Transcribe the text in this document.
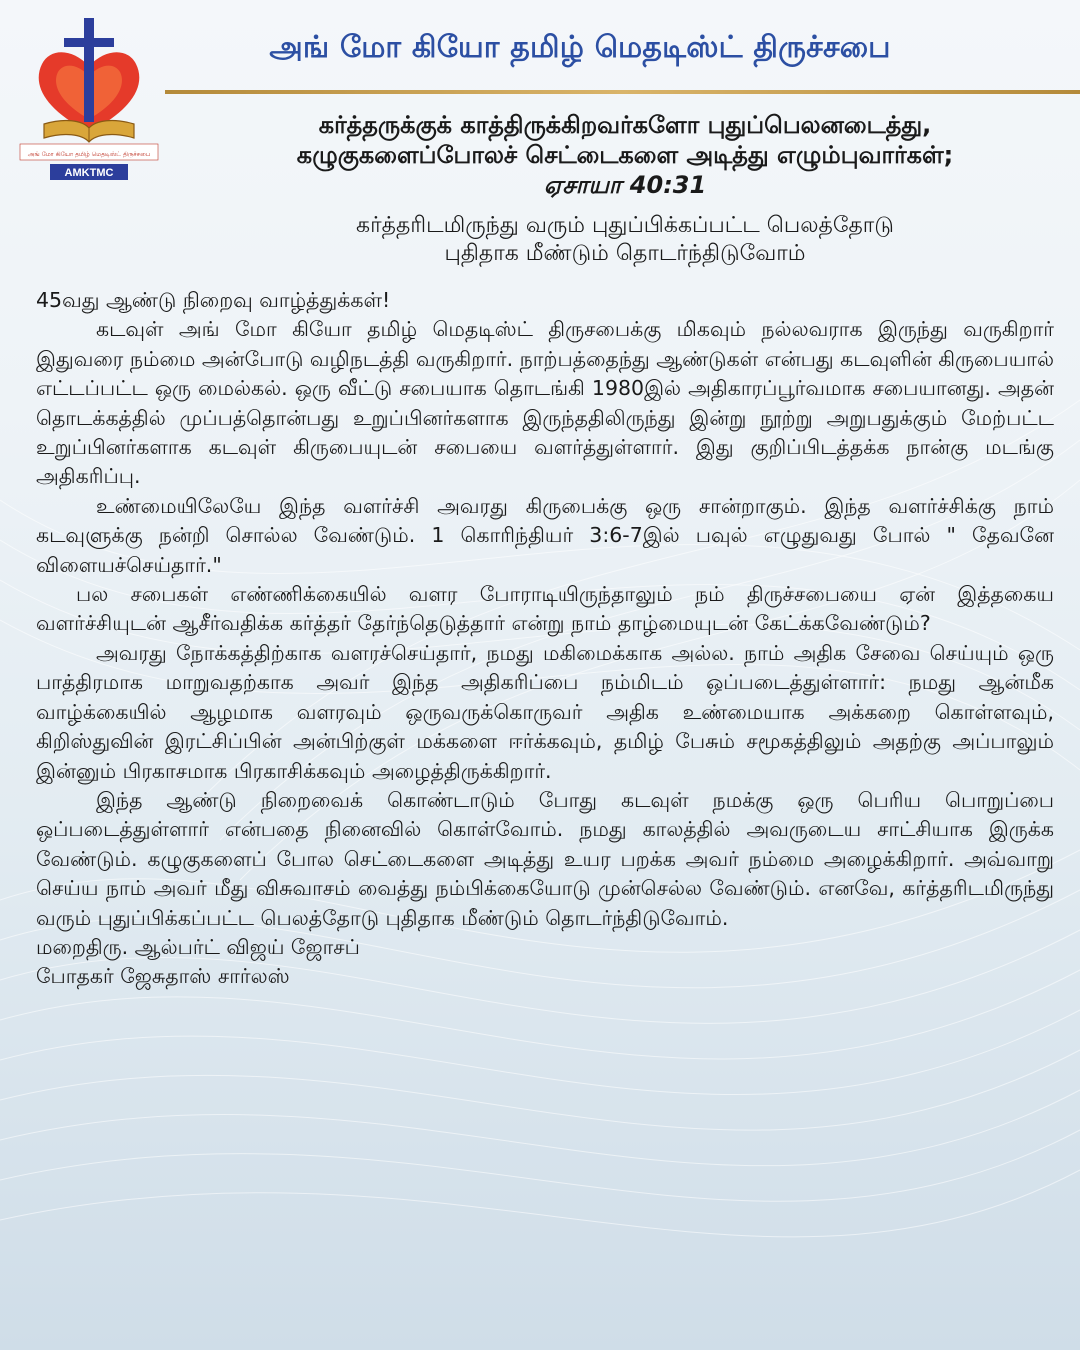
அங் மோ கியோ தமிழ் மெதடிஸ்ட் திருச்சபை
AMKTMC
அங் மோ கியோ தமிழ் மெதடிஸ்ட் திருச்சபை
கர்த்தருக்குக் காத்திருக்கிறவர்களோ புதுப்பெலனடைத்து,
கழுகுகளைப்போலச் செட்டைகளை அடித்து எழும்புவார்கள்;
ஏசாயா 40:31
கர்த்தரிடமிருந்து வரும் புதுப்பிக்கப்பட்ட பெலத்தோடு
புதிதாக மீண்டும் தொடர்ந்திடுவோம்

45வது ஆண்டு நிறைவு வாழ்த்துக்கள்!

கடவுள் அங் மோ கியோ தமிழ் மெதடிஸ்ட் திருசபைக்கு மிகவும் நல்லவராக இருந்து வருகிறார் இதுவரை நம்மை அன்போடு வழிநடத்தி வருகிறார். நாற்பத்தைந்து ஆண்டுகள் என்பது கடவுளின் கிருபையால் எட்டப்பட்ட ஒரு மைல்கல். ஒரு வீட்டு சபையாக தொடங்கி 1980இல் அதிகாரப்பூர்வமாக சபையானது. அதன் தொடக்கத்தில் முப்பத்தொன்பது உறுப்பினர்களாக இருந்ததிலிருந்து இன்று நூற்று அறுபதுக்கும் மேற்பட்ட உறுப்பினர்களாக கடவுள் கிருபையுடன் சபையை வளர்த்துள்ளார். இது குறிப்பிடத்தக்க நான்கு மடங்கு அதிகரிப்பு.

உண்மையிலேயே இந்த வளர்ச்சி அவரது கிருபைக்கு ஒரு சான்றாகும். இந்த வளர்ச்சிக்கு நாம் கடவுளுக்கு நன்றி சொல்ல வேண்டும். 1 கொரிந்தியர் 3:6-7இல் பவுல் எழுதுவது போல் " தேவனே விளையச்செய்தார்."

பல சபைகள் எண்ணிக்கையில் வளர போராடியிருந்தாலும் நம் திருச்சபையை ஏன் இத்தகைய வளர்ச்சியுடன் ஆசீர்வதிக்க கர்த்தர் தேர்ந்தெடுத்தார் என்று நாம் தாழ்மையுடன் கேட்க்கவேண்டும்?

அவரது நோக்கத்திற்காக வளரச்செய்தார், நமது மகிமைக்காக அல்ல. நாம் அதிக சேவை செய்யும் ஒரு பாத்திரமாக மாறுவதற்காக அவர் இந்த அதிகரிப்பை நம்மிடம் ஒப்படைத்துள்ளார்: நமது ஆன்மீக வாழ்க்கையில் ஆழமாக வளரவும் ஒருவருக்கொருவர் அதிக உண்மையாக அக்கறை கொள்ளவும், கிறிஸ்துவின் இரட்சிப்பின் அன்பிற்குள் மக்களை ஈர்க்கவும், தமிழ் பேசும் சமூகத்திலும் அதற்கு அப்பாலும் இன்னும் பிரகாசமாக பிரகாசிக்கவும் அழைத்திருக்கிறார்.

இந்த ஆண்டு நிறைவைக் கொண்டாடும் போது கடவுள் நமக்கு ஒரு பெரிய பொறுப்பை ஒப்படைத்துள்ளார் என்பதை நினைவில் கொள்வோம். நமது காலத்தில் அவருடைய சாட்சியாக இருக்க வேண்டும். கழுகுகளைப் போல செட்டைகளை அடித்து உயர பறக்க அவர் நம்மை அழைக்கிறார். அவ்வாறு செய்ய நாம் அவர் மீது விசுவாசம் வைத்து நம்பிக்கையோடு முன்செல்ல வேண்டும். எனவே, கர்த்தரிடமிருந்து வரும் புதுப்பிக்கப்பட்ட பெலத்தோடு புதிதாக மீண்டும் தொடர்ந்திடுவோம்.

மறைதிரு. ஆல்பர்ட் விஜய் ஜோசப்

போதகர் ஜேசுதாஸ் சார்லஸ்
